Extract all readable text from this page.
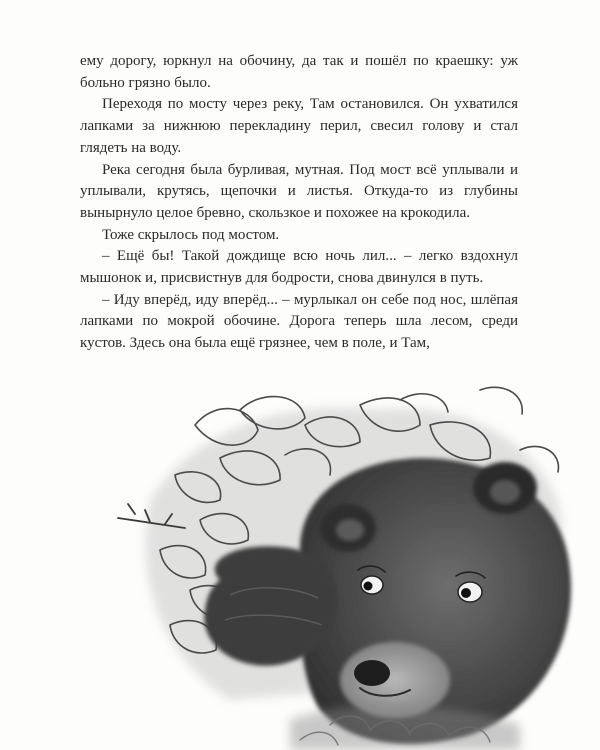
ему дорогу, юркнул на обочину, да так и пошёл по краешку: уж больно грязно было.

Переходя по мосту через реку, Там остановился. Он ухватился лапками за нижнюю перекладину перил, свесил голову и стал глядеть на воду.

Река сегодня была бурливая, мутная. Под мост всё уплывали и уплывали, крутясь, щепочки и листья. Откуда-то из глубины вынырнуло целое бревно, скользкое и похожее на крокодила.

Тоже скрылось под мостом.

– Ещё бы! Такой дождище всю ночь лил... – легко вздохнул мышонок и, присвистнув для бодрости, снова двинулся в путь.

– Иду вперёд, иду вперёд... – мурлыкал он себе под нос, шлёпая лапками по мокрой обочине. Дорога теперь шла лесом, среди кустов. Здесь она была ещё грязнее, чем в поле, и Там,
